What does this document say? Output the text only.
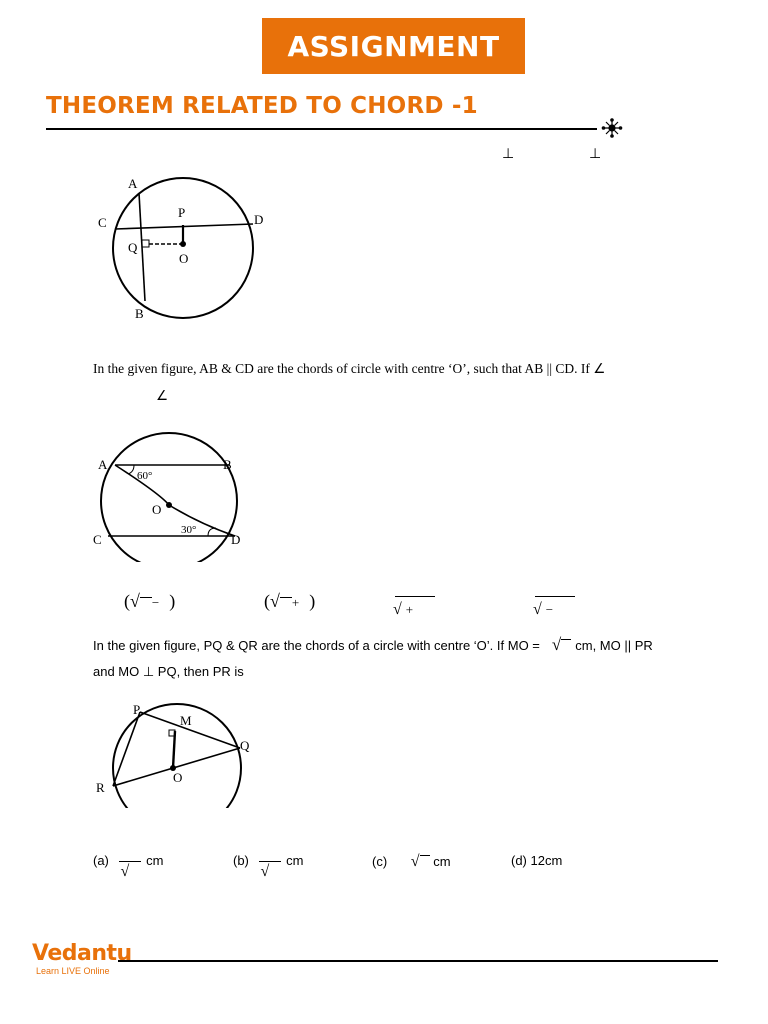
ASSIGNMENT
THEOREM RELATED TO CHORD -1
⊥	⊥
A
B
C	D
P
Q
O
In the given figure, AB & CD are the chords of circle with centre ‘O’, such that AB || CD. If ∠
∠
A	B
C	D
O
60°
30°
(√ − )	(√ + )	√ +	√ −
In the given figure, PQ & QR are the chords of a circle with centre ‘O’. If MO = √ cm, MO || PR
and MO ⊥ PQ, then PR is
P
M
Q
R
O
(a)
√
cm	(b)
√
cm	(c) √ cm	(d) 12cm
Vedantu
Learn LIVE Online
